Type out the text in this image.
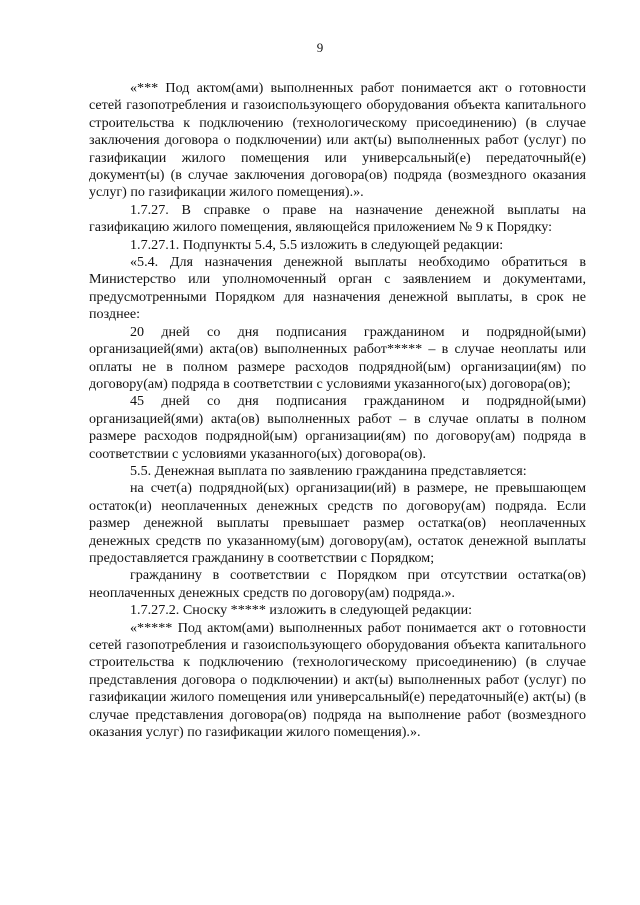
9

«*** Под актом(ами) выполненных работ понимается акт о готовности сетей газопотребления и газоиспользующего оборудования объекта капитального строительства к подключению (технологическому присоединению) (в случае заключения договора о подключении) или акт(ы) выполненных работ (услуг) по газификации жилого помещения или универсальный(е) передаточный(е) документ(ы) (в случае заключения договора(ов) подряда (возмездного оказания услуг) по газификации жилого помещения).».

1.7.27. В справке о праве на назначение денежной выплаты на газификацию жилого помещения, являющейся приложением № 9 к Порядку:

1.7.27.1. Подпункты 5.4, 5.5 изложить в следующей редакции:

«5.4. Для назначения денежной выплаты необходимо обратиться в Министерство или уполномоченный орган с заявлением и документами, предусмотренными Порядком для назначения денежной выплаты, в срок не позднее:

20 дней со дня подписания гражданином и подрядной(ыми) организацией(ями) акта(ов) выполненных работ***** – в случае неоплаты или оплаты не в полном размере расходов подрядной(ым) организации(ям) по договору(ам) подряда в соответствии с условиями указанного(ых) договора(ов);

45 дней со дня подписания гражданином и подрядной(ыми) организацией(ями) акта(ов) выполненных работ – в случае оплаты в полном размере расходов подрядной(ым) организации(ям) по договору(ам) подряда в соответствии с условиями указанного(ых) договора(ов).

5.5. Денежная выплата по заявлению гражданина представляется:

на счет(а) подрядной(ых) организации(ий) в размере, не превышающем остаток(и) неоплаченных денежных средств по договору(ам) подряда. Если размер денежной выплаты превышает размер остатка(ов) неоплаченных денежных средств по указанному(ым) договору(ам), остаток денежной выплаты предоставляется гражданину в соответствии с Порядком;

гражданину в соответствии с Порядком при отсутствии остатка(ов) неоплаченных денежных средств по договору(ам) подряда.».

1.7.27.2. Сноску ***** изложить в следующей редакции:

«***** Под актом(ами) выполненных работ понимается акт о готовности сетей газопотребления и газоиспользующего оборудования объекта капитального строительства к подключению (технологическому присоединению) (в случае представления договора о подключении) и акт(ы) выполненных работ (услуг) по газификации жилого помещения или универсальный(е) передаточный(е) акт(ы) (в случае представления договора(ов) подряда на выполнение работ (возмездного оказания услуг) по газификации жилого помещения).».
